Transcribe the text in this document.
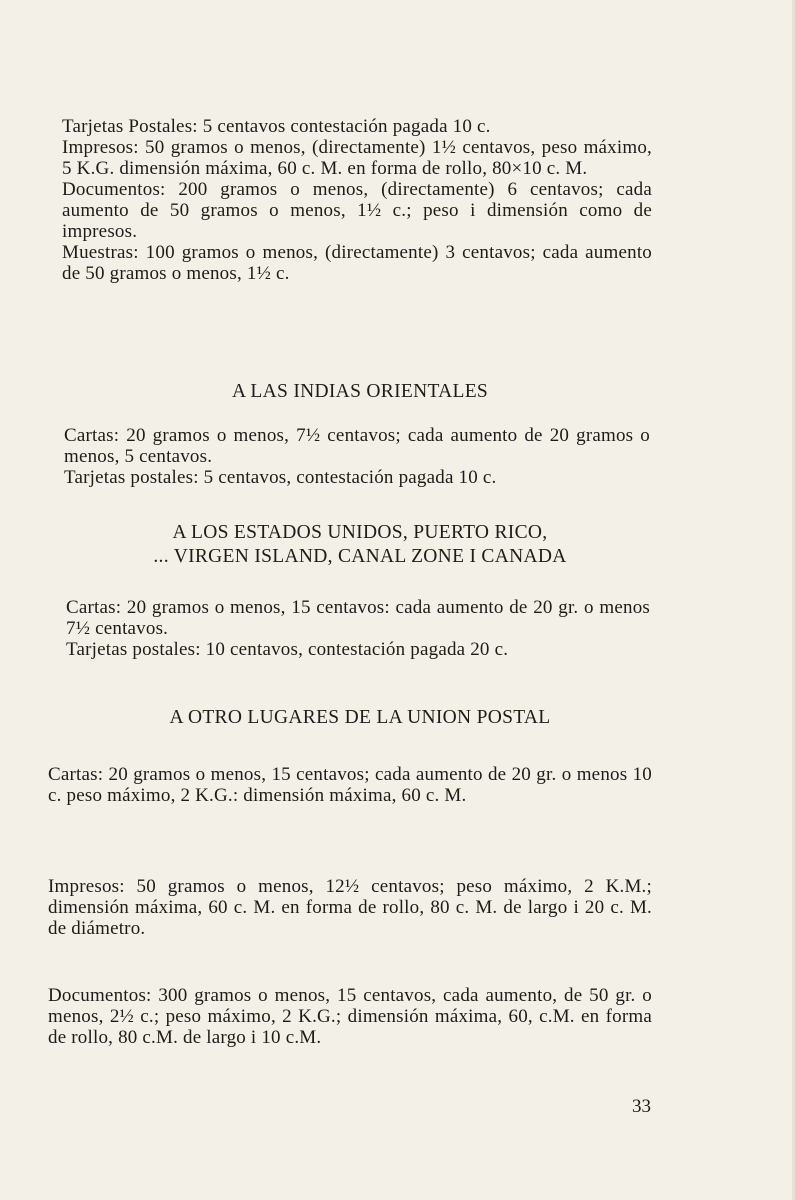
Tarjetas Postales: 5 centavos contestación pagada 10 c.

Impresos: 50 gramos o menos, (directamente) 1½ centavos, peso máximo, 5 K.G. dimensión máxima, 60 c. M. en forma de rollo, 80×10 c. M.

Documentos: 200 gramos o menos, (directamente) 6 centavos; cada aumento de 50 gramos o menos, 1½ c.; peso i dimensión como de impresos.

Muestras: 100 gramos o menos, (directamente) 3 centavos; cada aumento de 50 gramos o menos, 1½ c.

A LAS INDIAS ORIENTALES

Cartas: 20 gramos o menos, 7½ centavos; cada aumento de 20 gramos o menos, 5 centavos.

Tarjetas postales: 5 centavos, contestación pagada 10 c.

A LOS ESTADOS UNIDOS, PUERTO RICO,
... VIRGEN ISLAND, CANAL ZONE I CANADA

Cartas: 20 gramos o menos, 15 centavos: cada aumento de 20 gr. o menos 7½ centavos.

Tarjetas postales: 10 centavos, contestación pagada 20 c.

A OTRO LUGARES DE LA UNION POSTAL

Cartas: 20 gramos o menos, 15 centavos; cada aumento de 20 gr. o menos 10 c. peso máximo, 2 K.G.: dimensión máxima, 60 c. M.

Impresos: 50 gramos o menos, 12½ centavos; peso máximo, 2 K.M.; dimensión máxima, 60 c. M. en forma de rollo, 80 c. M. de largo i 20 c. M. de diámetro.

Documentos: 300 gramos o menos, 15 centavos, cada aumento, de 50 gr. o menos, 2½ c.; peso máximo, 2 K.G.; dimensión máxima, 60, c.M. en forma de rollo, 80 c.M. de largo i 10 c.M.

33
